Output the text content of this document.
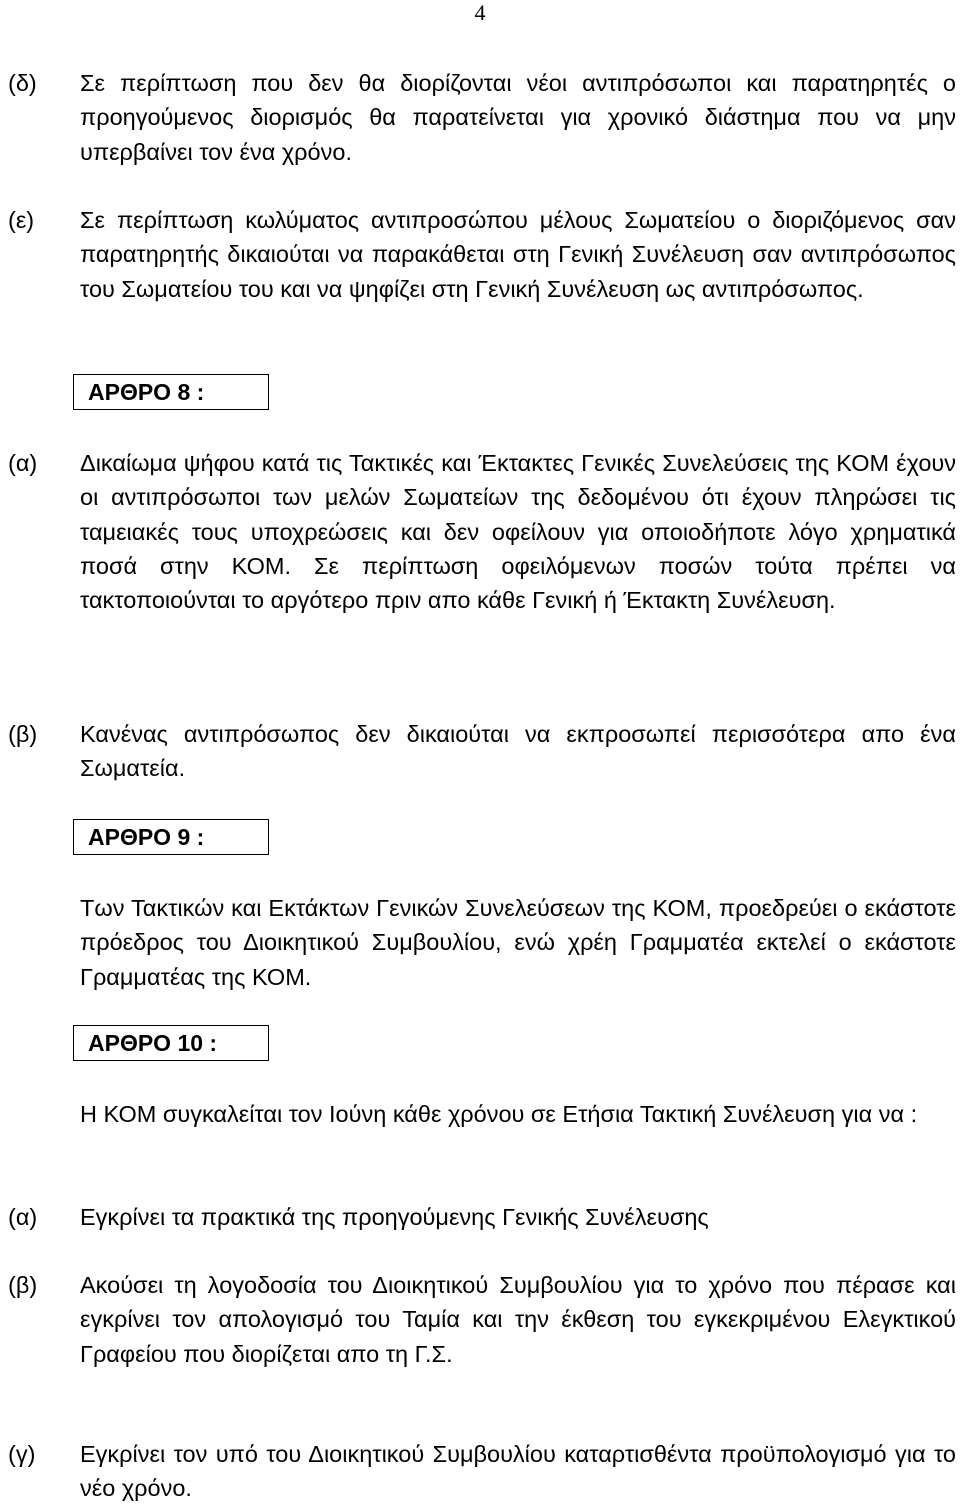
4
(δ)	Σε περίπτωση που δεν θα διορίζονται νέοι αντιπρόσωποι και παρατηρητές ο προηγούμενος διορισμός θα παρατείνεται για χρονικό διάστημα που να μην υπερβαίνει τον ένα χρόνο.
(ε)	Σε περίπτωση κωλύματος αντιπροσώπου μέλους Σωματείου ο διοριζόμενος σαν παρατηρητής δικαιούται να παρακάθεται στη Γενική Συνέλευση σαν αντιπρόσωπος του Σωματείου του και να ψηφίζει στη Γενική Συνέλευση ως αντιπρόσωπος.
ΑΡΘΡΟ 8 :
(α)	Δικαίωμα ψήφου κατά τις Τακτικές και Έκτακτες Γενικές Συνελεύσεις της ΚΟΜ έχουν οι αντιπρόσωποι των μελών Σωματείων της δεδομένου ότι έχουν πληρώσει τις ταμειακές τους υποχρεώσεις και δεν οφείλουν για οποιοδήποτε λόγο χρηματικά ποσά στην ΚΟΜ. Σε περίπτωση οφειλόμενων ποσών τούτα πρέπει να τακτοποιούνται το αργότερο πριν απο κάθε Γενική ή Έκτακτη Συνέλευση.
(β)	Κανένας αντιπρόσωπος δεν δικαιούται να εκπροσωπεί περισσότερα απο ένα Σωματεία.
ΑΡΘΡΟ 9 :
Των Τακτικών και Εκτάκτων Γενικών Συνελεύσεων της ΚΟΜ, προεδρεύει ο εκάστοτε πρόεδρος του Διοικητικού Συμβουλίου, ενώ χρέη Γραμματέα εκτελεί ο εκάστοτε Γραμματέας της ΚΟΜ.
ΑΡΘΡΟ 10 :
Η ΚΟΜ συγκαλείται τον Ιούνη κάθε χρόνου σε Ετήσια Τακτική Συνέλευση για να :
(α)	Εγκρίνει τα πρακτικά της προηγούμενης Γενικής Συνέλευσης
(β)	Ακούσει τη λογοδοσία του Διοικητικού Συμβουλίου για το χρόνο που πέρασε και εγκρίνει τον απολογισμό του Ταμία και την έκθεση του εγκεκριμένου Ελεγκτικού Γραφείου που διορίζεται απο τη Γ.Σ.
(γ)	Εγκρίνει τον υπό του Διοικητικού Συμβουλίου καταρτισθέντα προϋπολογισμό για το νέο χρόνο.
